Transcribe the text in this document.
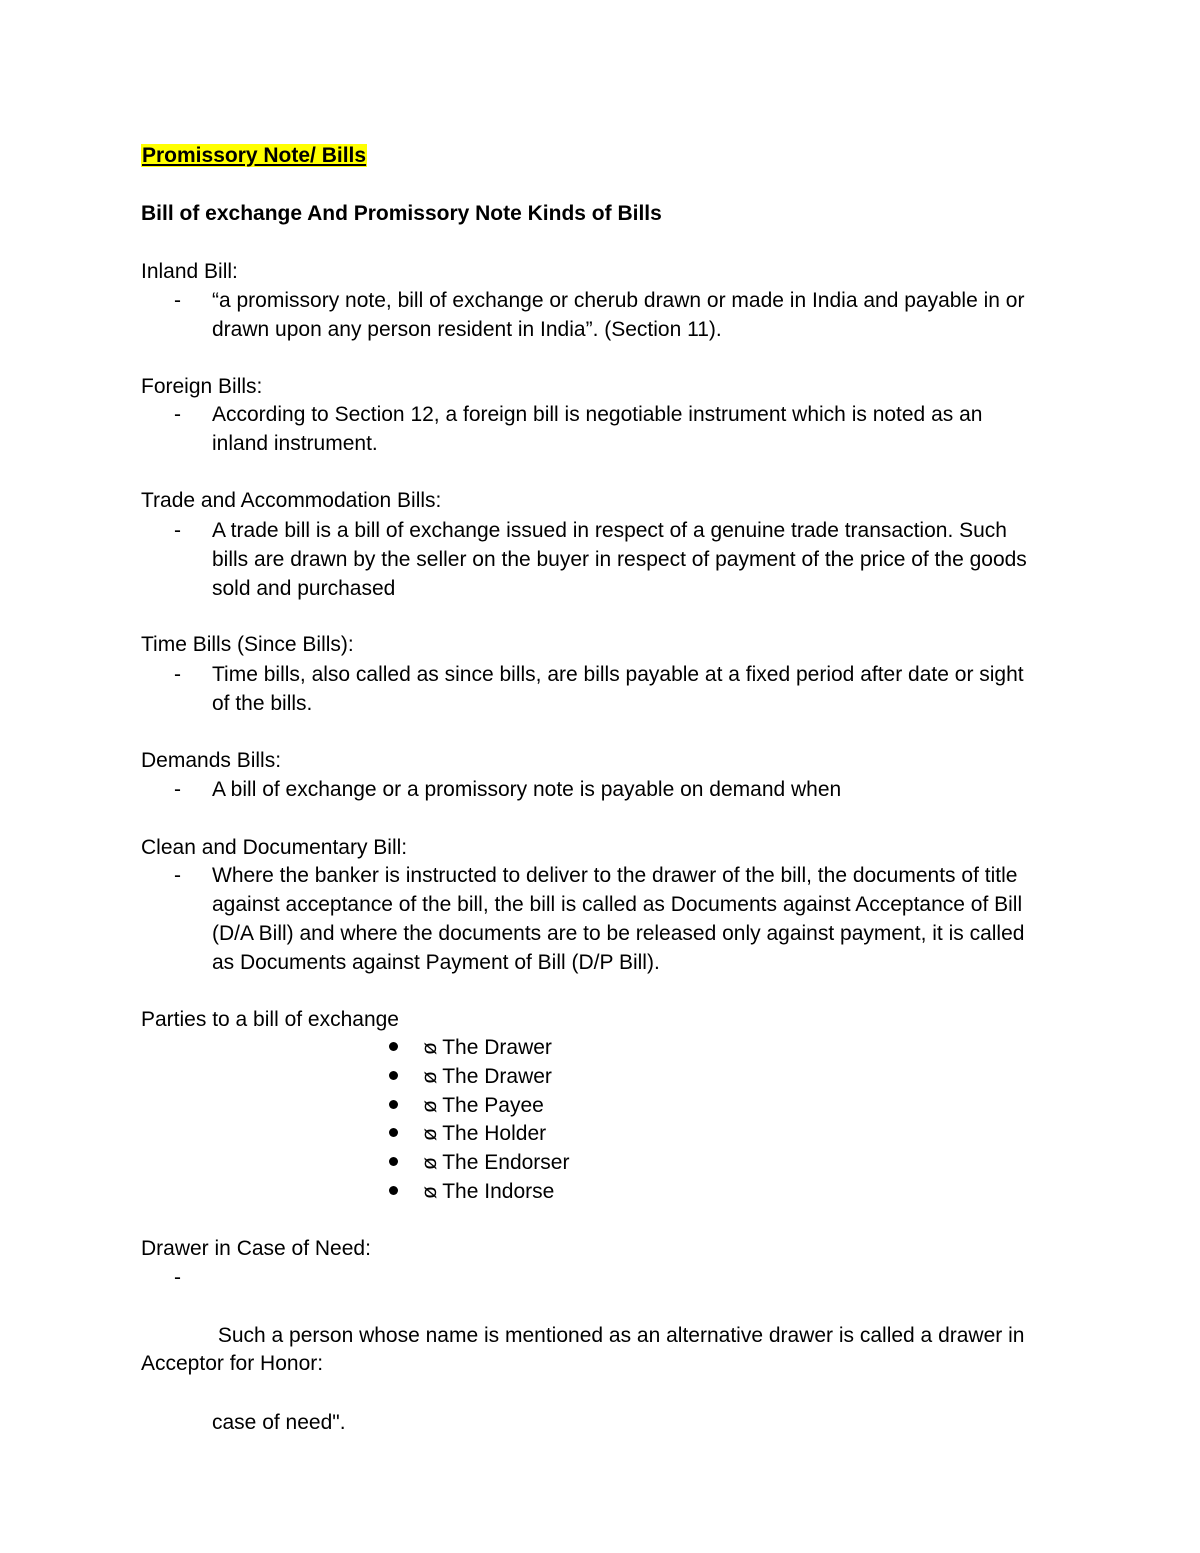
Promissory Note/ Bills
Bill of exchange And Promissory Note Kinds of Bills
Inland Bill:
- “a promissory note, bill of exchange or cherub drawn or made in India and payable in or
drawn upon any person resident in India”. (Section 11).
Foreign Bills:
- According to Section 12, a foreign bill is negotiable instrument which is noted as an
inland instrument.
Trade and Accommodation Bills:
- A trade bill is a bill of exchange issued in respect of a genuine trade transaction. Such
bills are drawn by the seller on the buyer in respect of payment of the price of the goods
sold and purchased
Time Bills (Since Bills):
- Time bills, also called as since bills, are bills payable at a fixed period after date or sight
of the bills.
Demands Bills:
- A bill of exchange or a promissory note is payable on demand when
Clean and Documentary Bill:
- Where the banker is instructed to deliver to the drawer of the bill, the documents of title
against acceptance of the bill, the bill is called as Documents against Acceptance of Bill
(D/A Bill) and where the documents are to be released only against payment, it is called
as Documents against Payment of Bill (D/P Bill).
Parties to a bill of exchange
ᴓ The Drawer
ᴓ The Drawer
ᴓ The Payee
ᴓ The Holder
ᴓ The Endorser
ᴓ The Indorse
Drawer in Case of Need:
-

Such a person whose name is mentioned as an alternative drawer is called a drawer in

case of need".

Acceptor for Honor:
